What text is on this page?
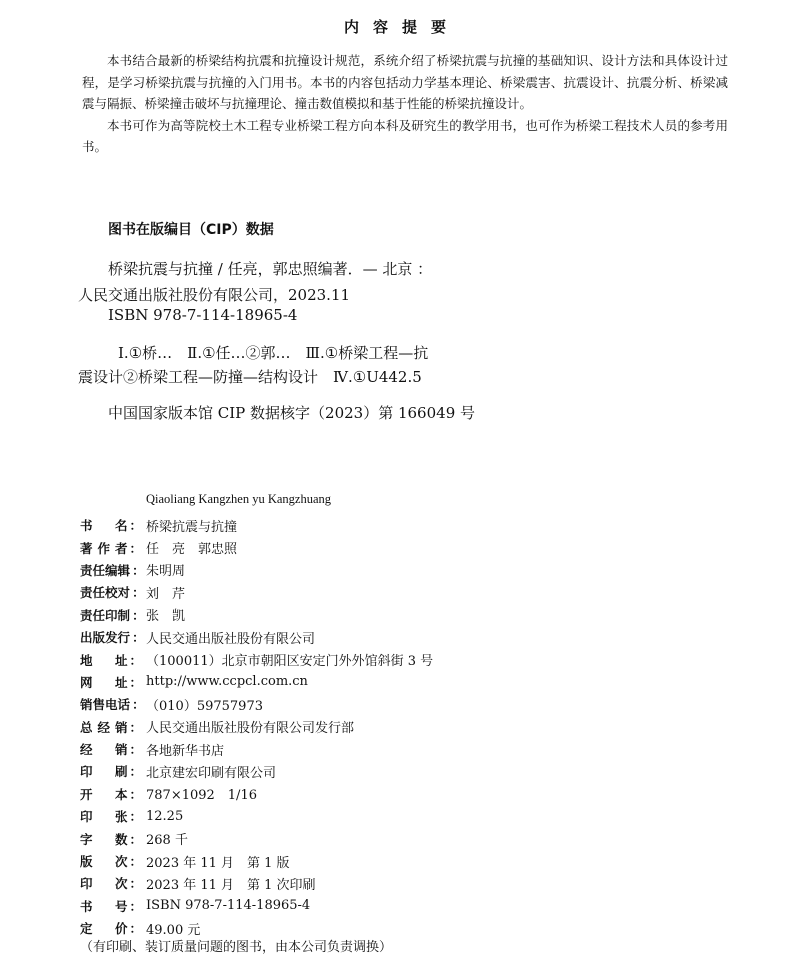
内容提要

本书结合最新的桥梁结构抗震和抗撞设计规范，系统介绍了桥梁抗震与抗撞的基础知识、设计方法和具体设计过程，是学习桥梁抗震与抗撞的入门用书。本书的内容包括动力学基本理论、桥梁震害、抗震设计、抗震分析、桥梁减震与隔振、桥梁撞击破坏与抗撞理论、撞击数值模拟和基于性能的桥梁抗撞设计。

本书可作为高等院校土木工程专业桥梁工程方向本科及研究生的教学用书，也可作为桥梁工程技术人员的参考用书。

图书在版编目（CIP）数据
桥梁抗震与抗撞 / 任亮，郭忠照编著．— 北京 ：
人民交通出版社股份有限公司，2023.11
ISBN 978-7-114-18965-4
Ⅰ.①桥…　Ⅱ.①任…②郭…　Ⅲ.①桥梁工程—抗
震设计②桥梁工程—防撞—结构设计　Ⅳ.①U442.5
中国国家版本馆 CIP 数据核字（2023）第 166049 号
Qiaoliang Kangzhen yu Kangzhuang
书 名 ： 桥梁抗震与抗撞
著 作 者 ： 任　亮　郭忠照
责 任 编 辑 ： 朱明周
责 任 校 对 ： 刘　芹
责 任 印 制 ： 张　凯
出 版 发 行 ： 人民交通出版社股份有限公司
地 址 ： （100011）北京市朝阳区安定门外外馆斜街 3 号
网 址 ： http://www.ccpcl.com.cn
销 售 电 话 ： （010）59757973
总 经 销 ： 人民交通出版社股份有限公司发行部
经 销 ： 各地新华书店
印 刷 ： 北京建宏印刷有限公司
开 本 ： 787×1092　1/16
印 张 ： 12.25
字 数 ： 268 千
版 次 ： 2023 年 11 月　第 1 版
印 次 ： 2023 年 11 月　第 1 次印刷
书 号 ： ISBN 978-7-114-18965-4
定 价 ： 49.00 元
（有印刷、装订质量问题的图书，由本公司负责调换）
